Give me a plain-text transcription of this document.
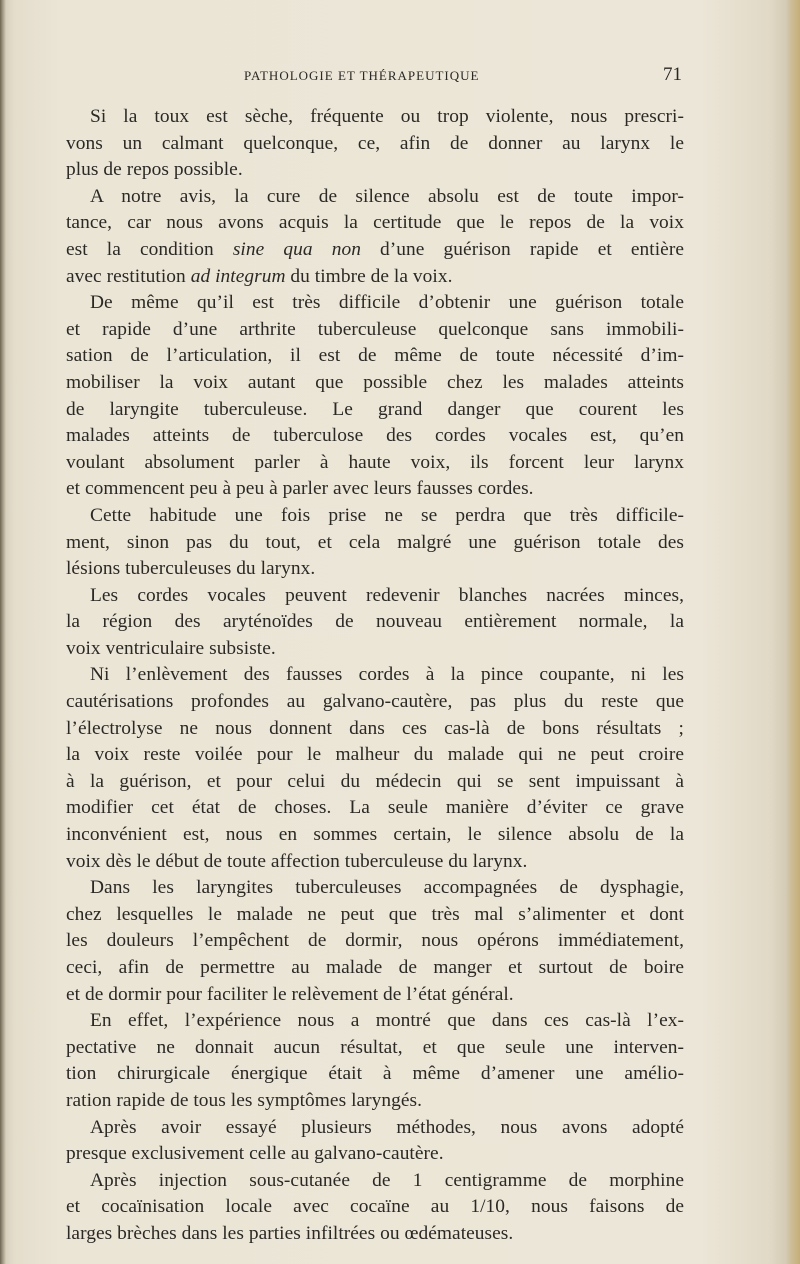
PATHOLOGIE ET THÉRAPEUTIQUE	71
Si la toux est sèche, fréquente ou trop violente, nous prescri-
vons un calmant quelconque, ce, afin de donner au larynx le
plus de repos possible.
A notre avis, la cure de silence absolu est de toute impor-
tance, car nous avons acquis la certitude que le repos de la voix
est la condition sine qua non d’une guérison rapide et entière
avec restitution ad integrum du timbre de la voix.
De même qu’il est très difficile d’obtenir une guérison totale
et rapide d’une arthrite tuberculeuse quelconque sans immobili-
sation de l’articulation, il est de même de toute nécessité d’im-
mobiliser la voix autant que possible chez les malades atteints
de laryngite tuberculeuse. Le grand danger que courent les
malades atteints de tuberculose des cordes vocales est, qu’en
voulant absolument parler à haute voix, ils forcent leur larynx
et commencent peu à peu à parler avec leurs fausses cordes.
Cette habitude une fois prise ne se perdra que très difficile-
ment, sinon pas du tout, et cela malgré une guérison totale des
lésions tuberculeuses du larynx.
Les cordes vocales peuvent redevenir blanches nacrées minces,
la région des aryténoïdes de nouveau entièrement normale, la
voix ventriculaire subsiste.
Ni l’enlèvement des fausses cordes à la pince coupante, ni les
cautérisations profondes au galvano-cautère, pas plus du reste que
l’électrolyse ne nous donnent dans ces cas-là de bons résultats ;
la voix reste voilée pour le malheur du malade qui ne peut croire
à la guérison, et pour celui du médecin qui se sent impuissant à
modifier cet état de choses. La seule manière d’éviter ce grave
inconvénient est, nous en sommes certain, le silence absolu de la
voix dès le début de toute affection tuberculeuse du larynx.
Dans les laryngites tuberculeuses accompagnées de dysphagie,
chez lesquelles le malade ne peut que très mal s’alimenter et dont
les douleurs l’empêchent de dormir, nous opérons immédiatement,
ceci, afin de permettre au malade de manger et surtout de boire
et de dormir pour faciliter le relèvement de l’état général.
En effet, l’expérience nous a montré que dans ces cas-là l’ex-
pectative ne donnait aucun résultat, et que seule une interven-
tion chirurgicale énergique était à même d’amener une amélio-
ration rapide de tous les symptômes laryngés.
Après avoir essayé plusieurs méthodes, nous avons adopté
presque exclusivement celle au galvano-cautère.
Après injection sous-cutanée de 1 centigramme de morphine
et cocaïnisation locale avec cocaïne au 1/10, nous faisons de
larges brèches dans les parties infiltrées ou œdémateuses.
